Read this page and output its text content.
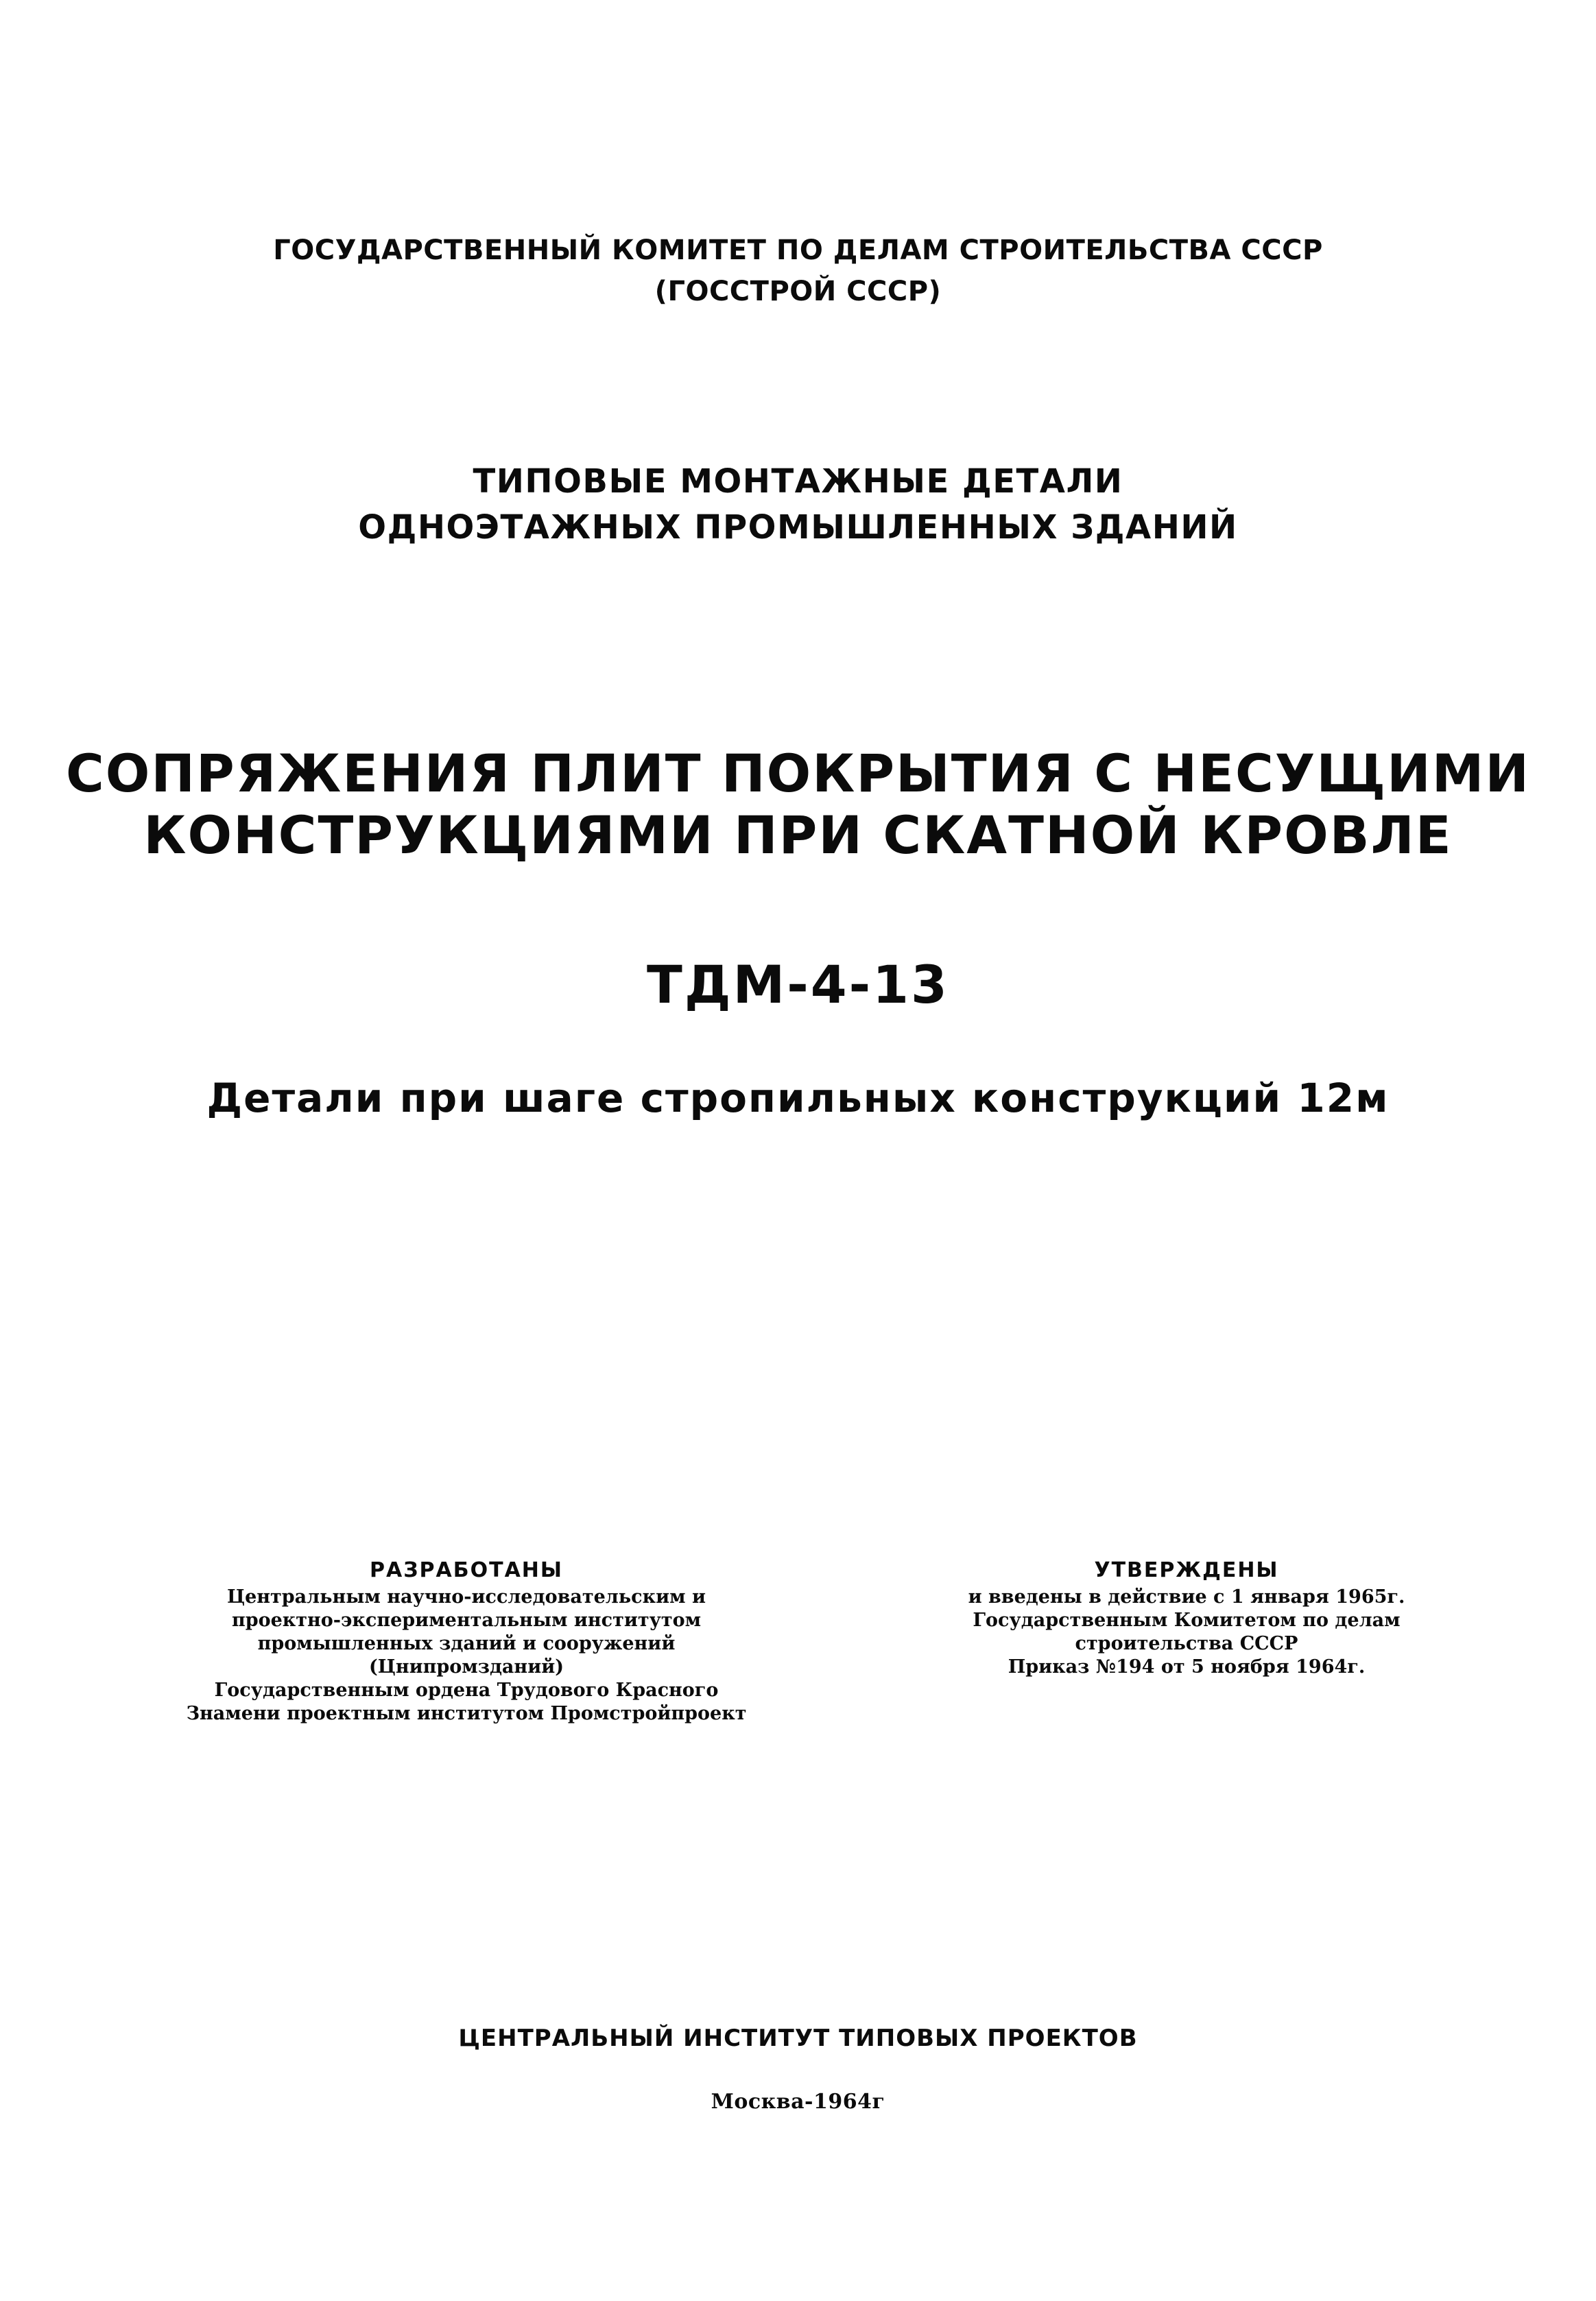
ГОСУДАРСТВЕННЫЙ КОМИТЕТ ПО ДЕЛАМ СТРОИТЕЛЬСТВА СССР

(ГОССТРОЙ СССР)

ТИПОВЫЕ МОНТАЖНЫЕ ДЕТАЛИ

ОДНОЭТАЖНЫХ ПРОМЫШЛЕННЫХ ЗДАНИЙ

СОПРЯЖЕНИЯ ПЛИТ ПОКРЫТИЯ С НЕСУЩИМИ

КОНСТРУКЦИЯМИ ПРИ СКАТНОЙ КРОВЛЕ

ТДМ-4-13

Детали при шаге стропильных конструкций 12м

РАЗРАБОТАНЫ

Центральным научно-исследовательским и

проектно-экспериментальным институтом

промышленных зданий и сооружений

(Цнипромзданий)

Государственным ордена Трудового Красного

Знамени проектным институтом Промстройпроект

УТВЕРЖДЕНЫ

и введены в действие с 1 января 1965г.

Государственным Комитетом по делам

строительства СССР

Приказ №194 от 5 ноября 1964г.

ЦЕНТРАЛЬНЫЙ ИНСТИТУТ ТИПОВЫХ ПРОЕКТОВ

Москва-1964г
